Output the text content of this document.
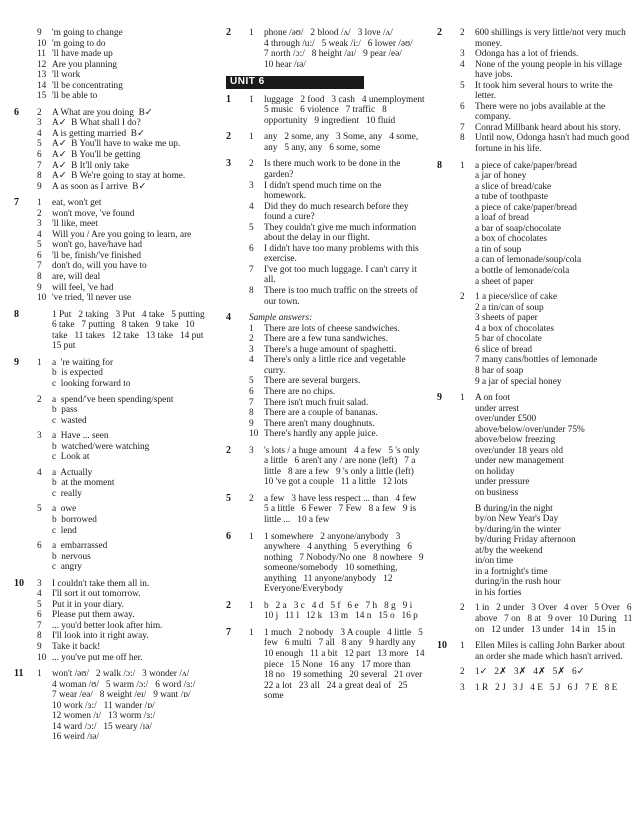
9 'm going to change
10 'm going to do
11 'll have made up
12 Are you planning
13 'll work
14 'll be concentrating
15 'll be able to
6 2 A What are you doing  B✓
3 A✓  B What shall I do?
4 A is getting married  B✓
5 A✓  B You'll have to wake me up.
6 A✓  B You'll be getting
7 A✓  B It'll only take
8 A✓  B We're going to stay at home.
9 A as soon as I arrive  B✓
7 1 eat, won't get
2 won't move, 've found
3 'll like, meet
4 Will you / Are you going to learn, are
5 won't go, have/have had
6 'll be, finish/'ve finished
7 don't do, will you have to
8 are, will deal
9 will feel, 've had
10 've tried, 'll never use
8	1 Put   2 taking   3 Put   4 take   5 putting   6 take   7 putting   8 taken   9 take   10 take   11 takes   12 take   13 take   14 put   15 put
9 1 a  're waiting for
b  is expected
c  looking forward to
2 a  spend/'ve been spending/spent
b  pass
c  wasted
3 a  Have ... seen
b  watched/were watching
c  Look at
4 a  Actually
b  at the moment
c  really
5 a  owe
b  borrowed
c  lend
6 a  embarrassed
b  nervous
c  angry
10 3 I couldn't take them all in.
4 I'll sort it out tomorrow.
5 Put it in your diary.
6 Please put them away.
7 ... you'd better look after him.
8 I'll look into it right away.
9 Take it back!
10 ... you've put me off her.
11 1 won't /əʊ/   2 walk /ɔ:/   3 wonder /ʌ/
4 woman /ʊ/   5 warm /ɔ:/   6 word /ɜ:/
7 wear /eə/   8 weight /eɪ/   9 want /ɒ/
10 work /ɜ:/   11 wander /ɒ/
12 women /ɪ/   13 worm /ɜ:/
14 ward /ɔ:/   15 weary /ɪə/
16 weird /ɪə/
2 1 phone /əʊ/   2 blood /ʌ/   3 love /ʌ/
4 through /u:/   5 weak /i:/   6 lower /əʊ/
7 north /ɔ:/   8 height /aɪ/   9 pear /eə/
10 hear /ɪə/
UNIT 6
1 1 luggage   2 food   3 cash   4 unemployment   5 music   6 violence   7 traffic   8 opportunity   9 ingredient   10 fluid
2 1 any   2 some, any   3 Some, any   4 some, any   5 any, any   6 some, some
3 2 Is there much work to be done in the garden?
3 I didn't spend much time on the homework.
4 Did they do much research before they found a cure?
5 They couldn't give me much information about the delay in our flight.
6 I didn't have too many problems with this exercise.
7 I've got too much luggage. I can't carry it all.
8 There is too much traffic on the streets of our town.
4 Sample answers:
1 There are lots of cheese sandwiches.
2 There are a few tuna sandwiches.
3 There's a huge amount of spaghetti.
4 There's only a little rice and vegetable curry.
5 There are several burgers.
6 There are no chips.
7 There isn't much fruit salad.
8 There are a couple of bananas.
9 There aren't many doughnuts.
10 There's hardly any apple juice.
2 3 's lots / a huge amount   4 a few   5 's only a little   6 aren't any / are none (left)   7 a little   8 are a few   9 's only a little (left)   10 've got a couple   11 a little   12 lots
5 2 a few   3 have less respect ... than   4 few   5 a little   6 Fewer   7 Few   8 a few   9 is little ...   10 a few
6 1 1 somewhere   2 anyone/anybody   3 anywhere   4 anything   5 everything   6 nothing   7 Nobody/No one   8 nowhere   9 someone/somebody   10 something, anything   11 anyone/anybody   12 Everyone/Everybody
2 1 b   2 a   3 c   4 d   5 f   6 e   7 h   8 g   9 i   10 j   11 l   12 k   13 m   14 n   15 o   16 p
7 1 1 much   2 nobody   3 A couple   4 little   5 few   6 multi   7 all   8 any   9 hardly any   10 enough   11 a bit   12 part   13 more   14 piece   15 None   16 any   17 more than   18 no   19 something   20 several   21 over   22 a lot   23 all   24 a great deal of   25 some
2 2 600 shillings is very little/not very much money.
3 Odonga has a lot of friends.
4 None of the young people in his village have jobs.
5 It took him several hours to write the letter.
6 There were no jobs available at the company.
7 Conrad Millbank heard about his story.
8 Until now, Odonga hasn't had much good fortune in his life.
8 1 a piece of cake/paper/bread
a jar of honey
a slice of bread/cake
a tube of toothpaste
a piece of cake/paper/bread
a loaf of bread
a bar of soap/chocolate
a box of chocolates
a tin of soup
a can of lemonade/soup/cola
a bottle of lemonade/cola
a sheet of paper
2 1 a piece/slice of cake
2 a tin/can of soup
3 sheets of paper
4 a box of chocolates
5 bar of chocolate
6 slice of bread
7 many cans/bottles of lemonade
8 bar of soap
9 a jar of special honey
9 1 A on foot
under arrest
over/under £500
above/below/over/under 75%
above/below freezing
over/under 18 years old
under new management
on holiday
under pressure
on business
B during/in the night
by/on New Year's Day
by/during/in the winter
by/during Friday afternoon
at/by the weekend
in/on time
in a fortnight's time
during/in the rush hour
in his forties
2 1 in   2 under   3 Over   4 over   5 Over   6 above   7 on   8 at   9 over   10 During   11 on   12 under   13 under   14 in   15 in
10 1 Ellen Miles is calling John Barker about an order she made which hasn't arrived.
2 1✓   2✗   3✗   4✗   5✗   6✓
3 1 R   2 J   3 J   4 E   5 J   6 J   7 E   8 E
